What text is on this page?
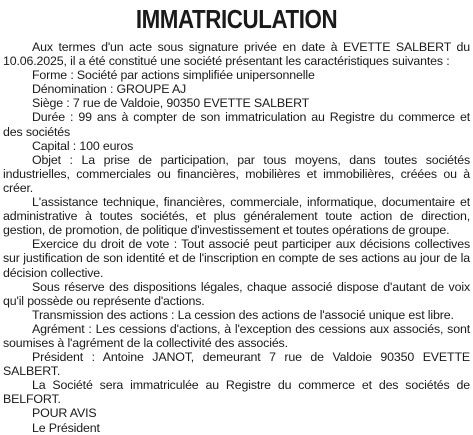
IMMATRICULATION

Aux termes d'un acte sous signature privée en date à EVETTE SALBERT du 10.06.2025, il a été constitué une société présentant les caractéristiques suivantes :

Forme : Société par actions simplifiée unipersonnelle

Dénomination : GROUPE AJ

Siège : 7 rue de Valdoie, 90350 EVETTE SALBERT

Durée : 99 ans à compter de son immatriculation au Registre du commerce et des sociétés

Capital : 100 euros

Objet : La prise de participation, par tous moyens, dans toutes sociétés industrielles, commerciales ou financières, mobilières et immobilières, créées ou à créer.

L'assistance technique, financières, commerciale, informatique, documentaire et administrative à toutes sociétés, et plus généralement toute action de direction, gestion, de promotion, de politique d'investissement et toutes opérations de groupe.

Exercice du droit de vote : Tout associé peut participer aux décisions collectives sur justification de son identité et de l'inscription en compte de ses actions au jour de la décision collective.

Sous réserve des dispositions légales, chaque associé dispose d'autant de voix qu'il possède ou représente d'actions.

Transmission des actions : La cession des actions de l'associé unique est libre.

Agrément : Les cessions d'actions, à l'exception des cessions aux associés, sont soumises à l'agrément de la collectivité des associés.

Président : Antoine JANOT, demeurant 7 rue de Valdoie 90350 EVETTE SALBERT.

La Société sera immatriculée au Registre du commerce et des sociétés de BELFORT.

POUR AVIS

Le Président
